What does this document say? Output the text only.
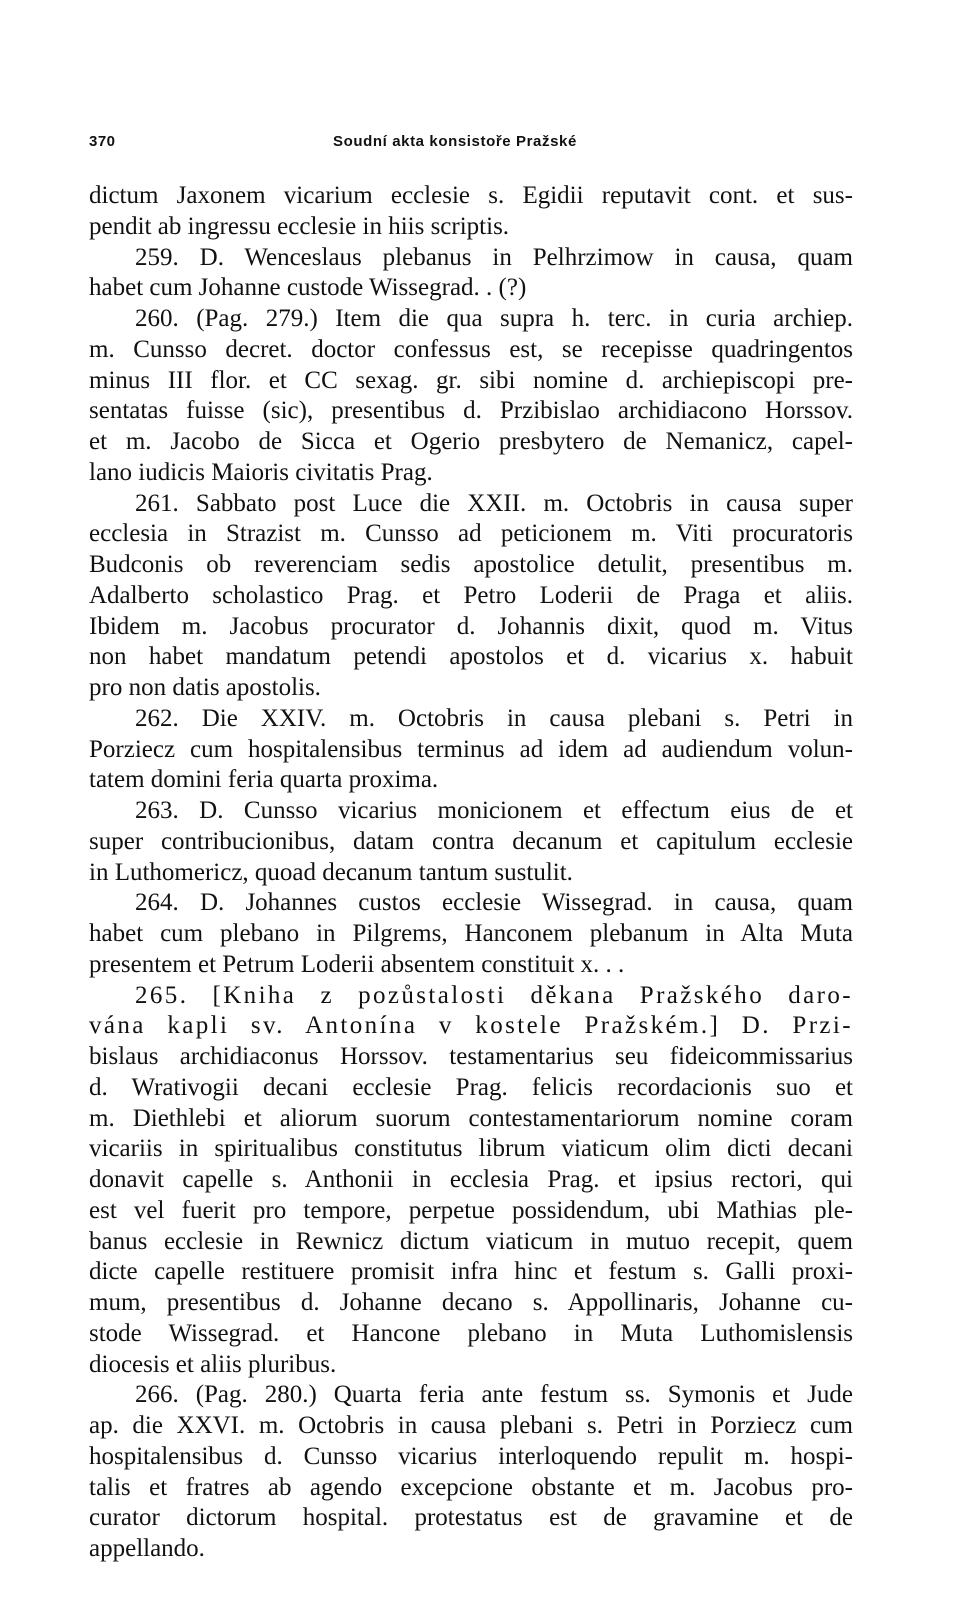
370	Soudní akta konsistoře Pražské
dictum Jaxonem vicarium ecclesie s. Egidii reputavit cont. et sus-
pendit ab ingressu ecclesie in hiis scriptis.
259. D. Wenceslaus plebanus in Pelhrzimow in causa, quam
habet cum Johanne custode Wissegrad. . (?)
260. (Pag. 279.) Item die qua supra h. terc. in curia archiep.
m. Cunsso decret. doctor confessus est, se recepisse quadringentos
minus III flor. et CC sexag. gr. sibi nomine d. archiepiscopi pre-
sentatas fuisse (sic), presentibus d. Przibislao archidiacono Horssov.
et m. Jacobo de Sicca et Ogerio presbytero de Nemanicz, capel-
lano iudicis Maioris civitatis Prag.
261. Sabbato post Luce die XXII. m. Octobris in causa super
ecclesia in Strazist m. Cunsso ad peticionem m. Viti procuratoris
Budconis ob reverenciam sedis apostolice detulit, presentibus m.
Adalberto scholastico Prag. et Petro Loderii de Praga et aliis.
Ibidem m. Jacobus procurator d. Johannis dixit, quod m. Vitus
non habet mandatum petendi apostolos et d. vicarius x. habuit
pro non datis apostolis.
262. Die XXIV. m. Octobris in causa plebani s. Petri in
Porziecz cum hospitalensibus terminus ad idem ad audiendum volun-
tatem domini feria quarta proxima.
263. D. Cunsso vicarius monicionem et effectum eius de et
super contribucionibus, datam contra decanum et capitulum ecclesie
in Luthomericz, quoad decanum tantum sustulit.
264. D. Johannes custos ecclesie Wissegrad. in causa, quam
habet cum plebano in Pilgrems, Hanconem plebanum in Alta Muta
presentem et Petrum Loderii absentem constituit x. . .
265. [Kniha z pozůstalosti děkana Pražského daro-
vána kapli sv. Antonína v kostele Pražském.] D. Przi-
bislaus archidiaconus Horssov. testamentarius seu fideicommissarius
d. Wrativogii decani ecclesie Prag. felicis recordacionis suo et
m. Diethlebi et aliorum suorum contestamentariorum nomine coram
vicariis in spiritualibus constitutus librum viaticum olim dicti decani
donavit capelle s. Anthonii in ecclesia Prag. et ipsius rectori, qui
est vel fuerit pro tempore, perpetue possidendum, ubi Mathias ple-
banus ecclesie in Rewnicz dictum viaticum in mutuo recepit, quem
dicte capelle restituere promisit infra hinc et festum s. Galli proxi-
mum, presentibus d. Johanne decano s. Appollinaris, Johanne cu-
stode Wissegrad. et Hancone plebano in Muta Luthomislensis
diocesis et aliis pluribus.
266. (Pag. 280.) Quarta feria ante festum ss. Symonis et Jude
ap. die XXVI. m. Octobris in causa plebani s. Petri in Porziecz cum
hospitalensibus d. Cunsso vicarius interloquendo repulit m. hospi-
talis et fratres ab agendo excepcione obstante et m. Jacobus pro-
curator dictorum hospital. protestatus est de gravamine et de
appellando.
